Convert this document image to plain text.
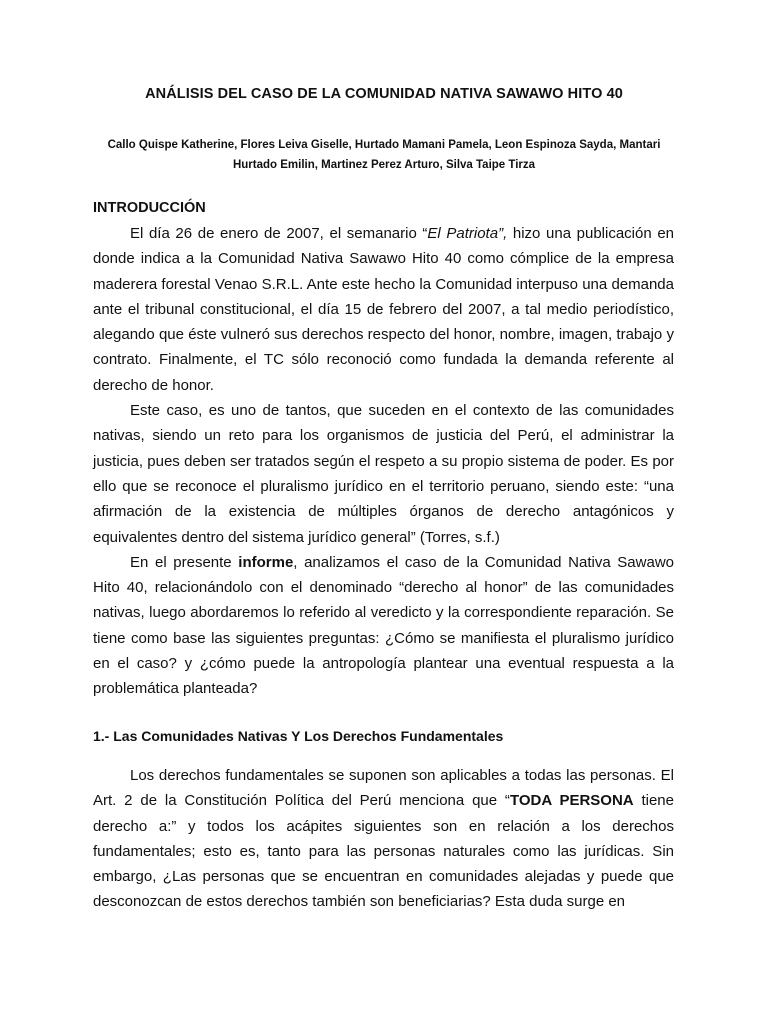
ANÁLISIS DEL CASO DE LA COMUNIDAD NATIVA SAWAWO HITO 40
Callo Quispe Katherine, Flores Leiva Giselle, Hurtado Mamani Pamela, Leon Espinoza Sayda, Mantari
Hurtado Emilin, Martinez Perez Arturo, Silva Taipe Tirza
INTRODUCCIÓN

El día 26 de enero de 2007, el semanario “El Patriota”, hizo una publicación en donde indica a la Comunidad Nativa Sawawo Hito 40 como cómplice de la empresa maderera forestal Venao S.R.L. Ante este hecho la Comunidad interpuso una demanda ante el tribunal constitucional, el día 15 de febrero del 2007, a tal medio periodístico, alegando que éste vulneró sus derechos respecto del honor, nombre, imagen, trabajo y contrato. Finalmente, el TC sólo reconoció como fundada la demanda referente al derecho de honor.

Este caso, es uno de tantos, que suceden en el contexto de las comunidades nativas, siendo un reto para los organismos de justicia del Perú, el administrar la justicia, pues deben ser tratados según el respeto a su propio sistema de poder. Es por ello que se reconoce el pluralismo jurídico en el territorio peruano, siendo este: “una afirmación de la existencia de múltiples órganos de derecho antagónicos y equivalentes dentro del sistema jurídico general” (Torres, s.f.)

En el presente informe, analizamos el caso de la Comunidad Nativa Sawawo Hito 40, relacionándolo con el denominado “derecho al honor” de las comunidades nativas, luego abordaremos lo referido al veredicto y la correspondiente reparación. Se tiene como base las siguientes preguntas: ¿Cómo se manifiesta el pluralismo jurídico en el caso? y ¿cómo puede la antropología plantear una eventual respuesta a la problemática planteada?

1.- Las Comunidades Nativas Y Los Derechos Fundamentales

Los derechos fundamentales se suponen son aplicables a todas las personas. El Art. 2 de la Constitución Política del Perú menciona que “TODA PERSONA tiene derecho a:” y todos los acápites siguientes son en relación a los derechos fundamentales; esto es, tanto para las personas naturales como las jurídicas. Sin embargo, ¿Las personas que se encuentran en comunidades alejadas y puede que desconozcan de estos derechos también son beneficiarias? Esta duda surge en
